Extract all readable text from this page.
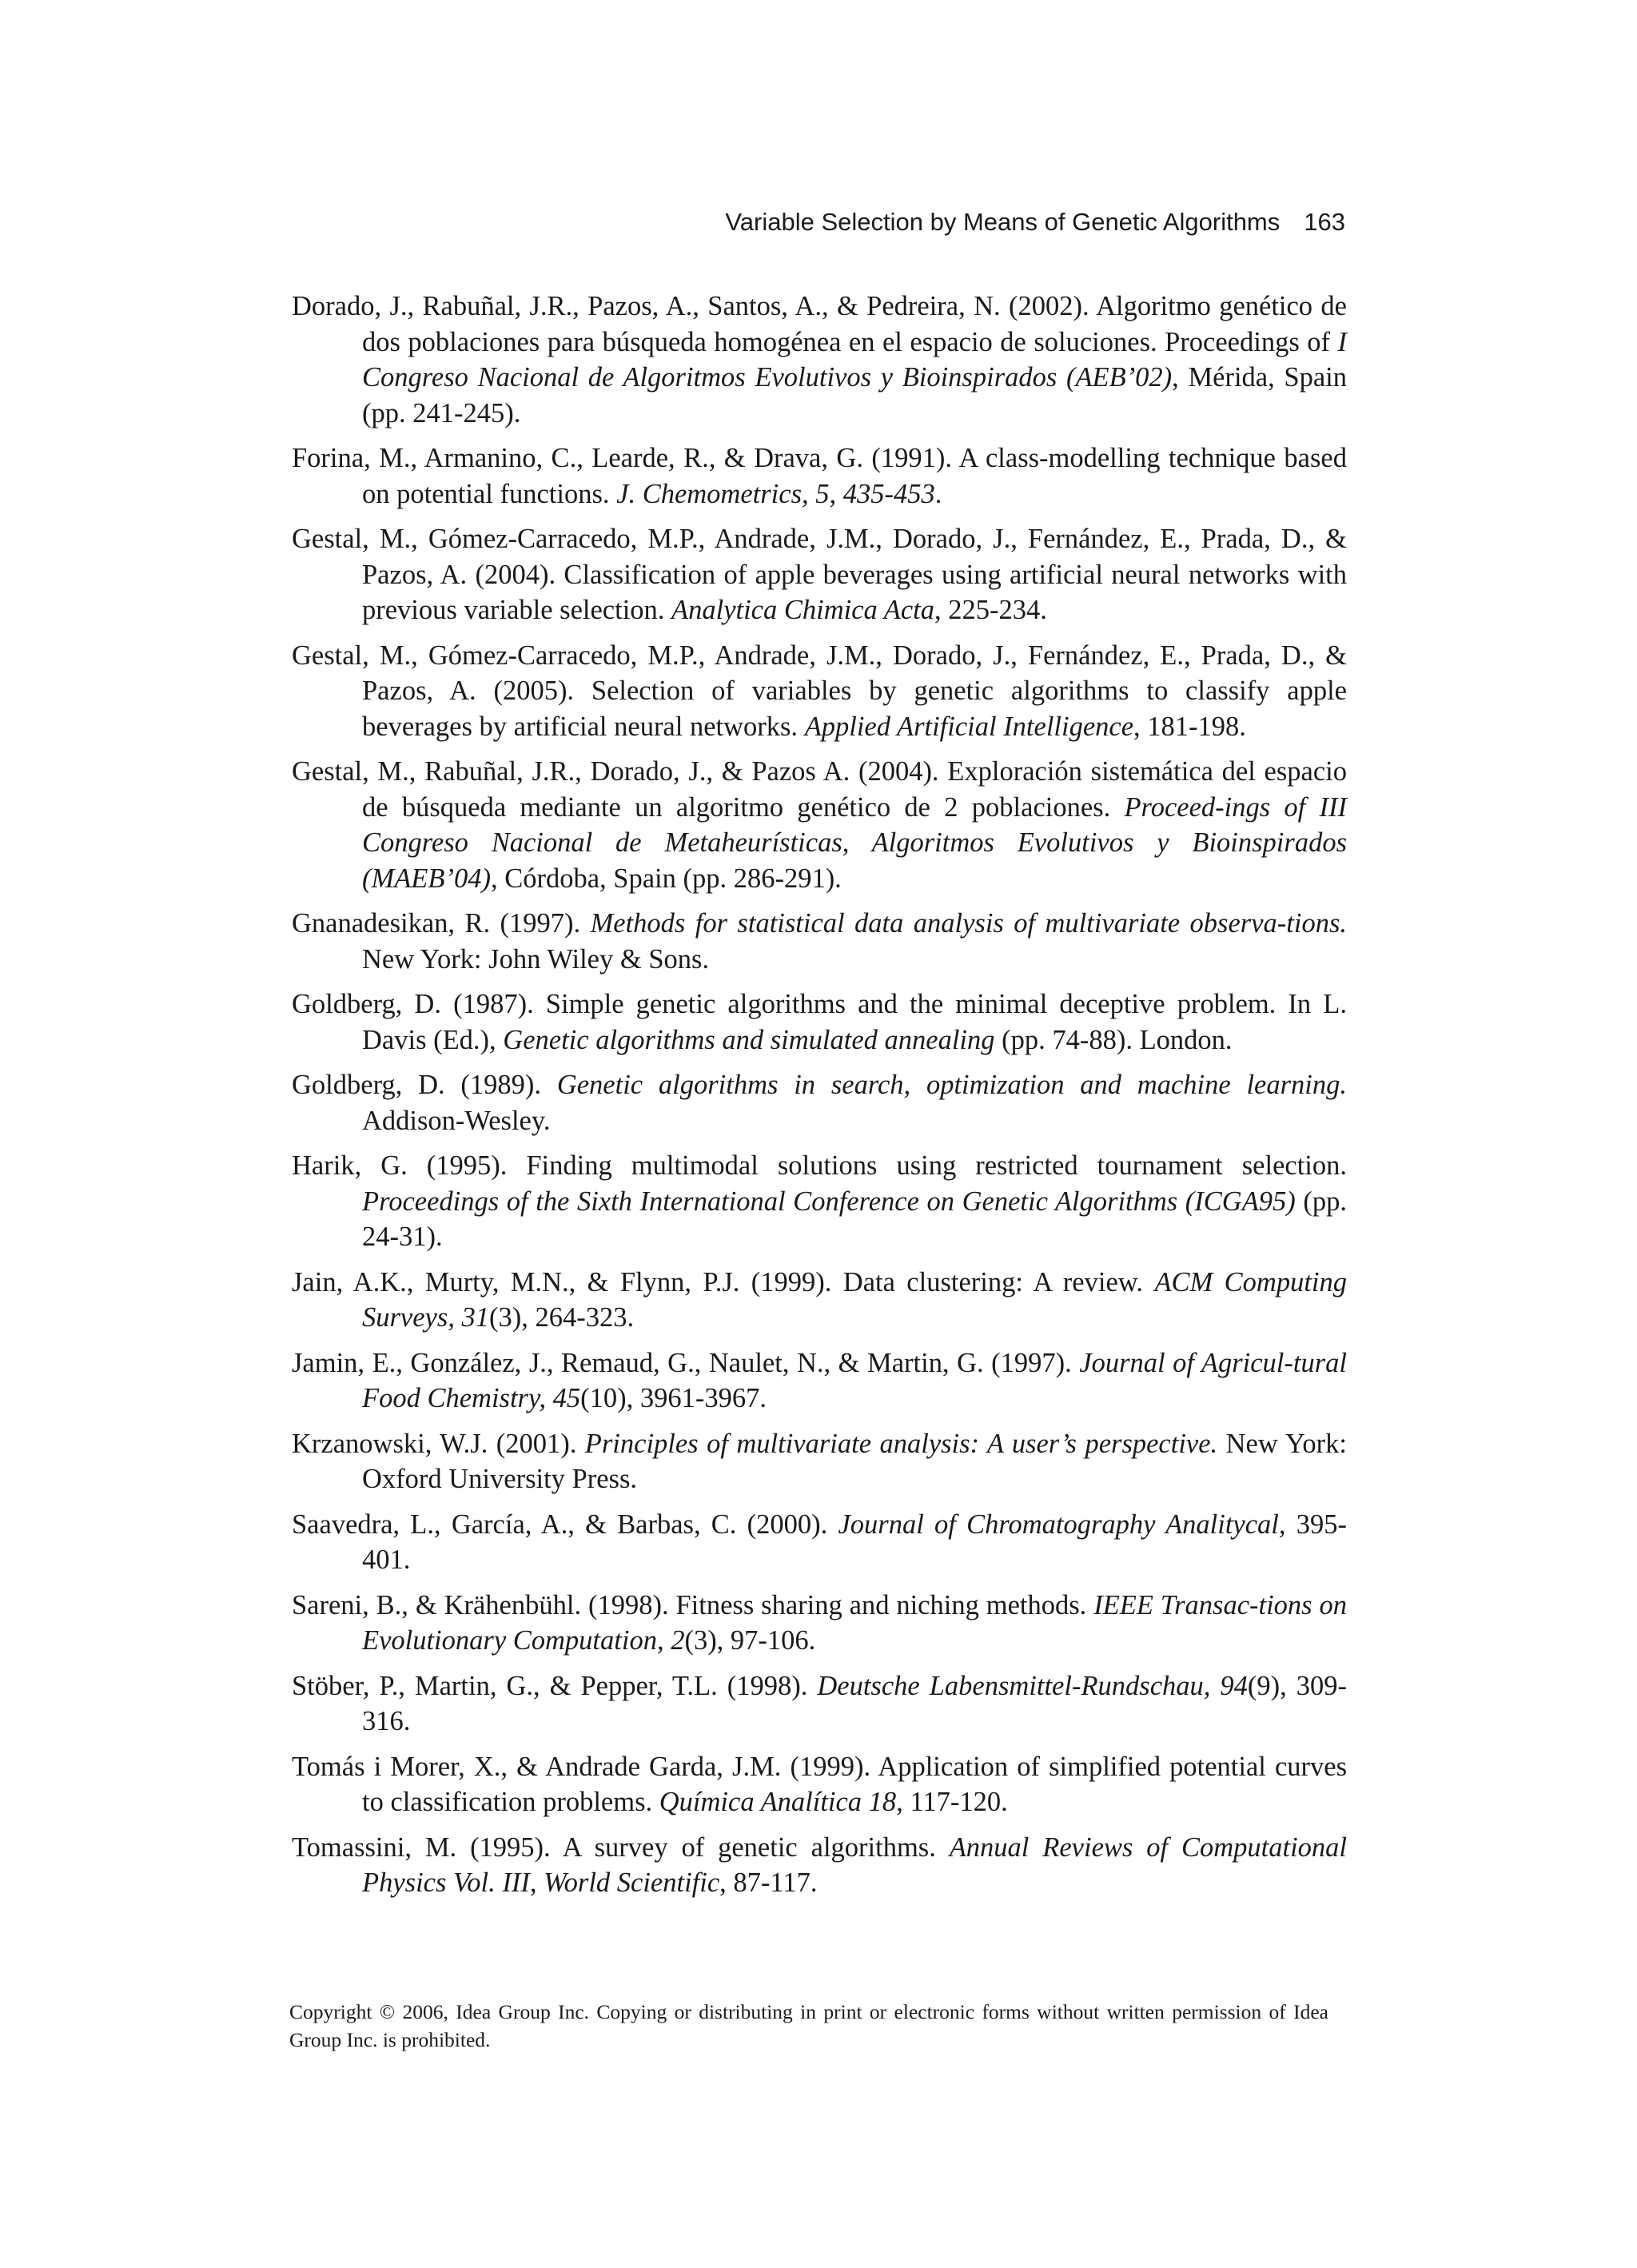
Variable Selection by Means of Genetic Algorithms 163

Dorado, J., Rabuñal, J.R., Pazos, A., Santos, A., & Pedreira, N. (2002). Algoritmo genético de dos poblaciones para búsqueda homogénea en el espacio de soluciones. Proceedings of I Congreso Nacional de Algoritmos Evolutivos y Bioinspirados (AEB’02), Mérida, Spain (pp. 241-245).

Forina, M., Armanino, C., Learde, R., & Drava, G. (1991). A class-modelling technique based on potential functions. J. Chemometrics, 5, 435-453.

Gestal, M., Gómez-Carracedo, M.P., Andrade, J.M., Dorado, J., Fernández, E., Prada, D., & Pazos, A. (2004). Classification of apple beverages using artificial neural networks with previous variable selection. Analytica Chimica Acta, 225-234.

Gestal, M., Gómez-Carracedo, M.P., Andrade, J.M., Dorado, J., Fernández, E., Prada, D., & Pazos, A. (2005). Selection of variables by genetic algorithms to classify apple beverages by artificial neural networks. Applied Artificial Intelligence, 181-198.

Gestal, M., Rabuñal, J.R., Dorado, J., & Pazos A. (2004). Exploración sistemática del espacio de búsqueda mediante un algoritmo genético de 2 poblaciones. Proceed-ings of III Congreso Nacional de Metaheurísticas, Algoritmos Evolutivos y Bioinspirados (MAEB’04), Córdoba, Spain (pp. 286-291).

Gnanadesikan, R. (1997). Methods for statistical data analysis of multivariate observa-tions. New York: John Wiley & Sons.

Goldberg, D. (1987). Simple genetic algorithms and the minimal deceptive problem. In L. Davis (Ed.), Genetic algorithms and simulated annealing (pp. 74-88). London.

Goldberg, D. (1989). Genetic algorithms in search, optimization and machine learning. Addison-Wesley.

Harik, G. (1995). Finding multimodal solutions using restricted tournament selection. Proceedings of the Sixth International Conference on Genetic Algorithms (ICGA95) (pp. 24-31).

Jain, A.K., Murty, M.N., & Flynn, P.J. (1999). Data clustering: A review. ACM Computing Surveys, 31(3), 264-323.

Jamin, E., González, J., Remaud, G., Naulet, N., & Martin, G. (1997). Journal of Agricul-tural Food Chemistry, 45(10), 3961-3967.

Krzanowski, W.J. (2001). Principles of multivariate analysis: A user’s perspective. New York: Oxford University Press.

Saavedra, L., García, A., & Barbas, C. (2000). Journal of Chromatography Analitycal, 395-401.

Sareni, B., & Krähenbühl. (1998). Fitness sharing and niching methods. IEEE Transac-tions on Evolutionary Computation, 2(3), 97-106.

Stöber, P., Martin, G., & Pepper, T.L. (1998). Deutsche Labensmittel-Rundschau, 94(9), 309-316.

Tomás i Morer, X., & Andrade Garda, J.M. (1999). Application of simplified potential curves to classification problems. Química Analítica 18, 117-120.

Tomassini, M. (1995). A survey of genetic algorithms. Annual Reviews of Computational Physics Vol. III, World Scientific, 87-117.

Copyright © 2006, Idea Group Inc. Copying or distributing in print or electronic forms without written permission of Idea Group Inc. is prohibited.
